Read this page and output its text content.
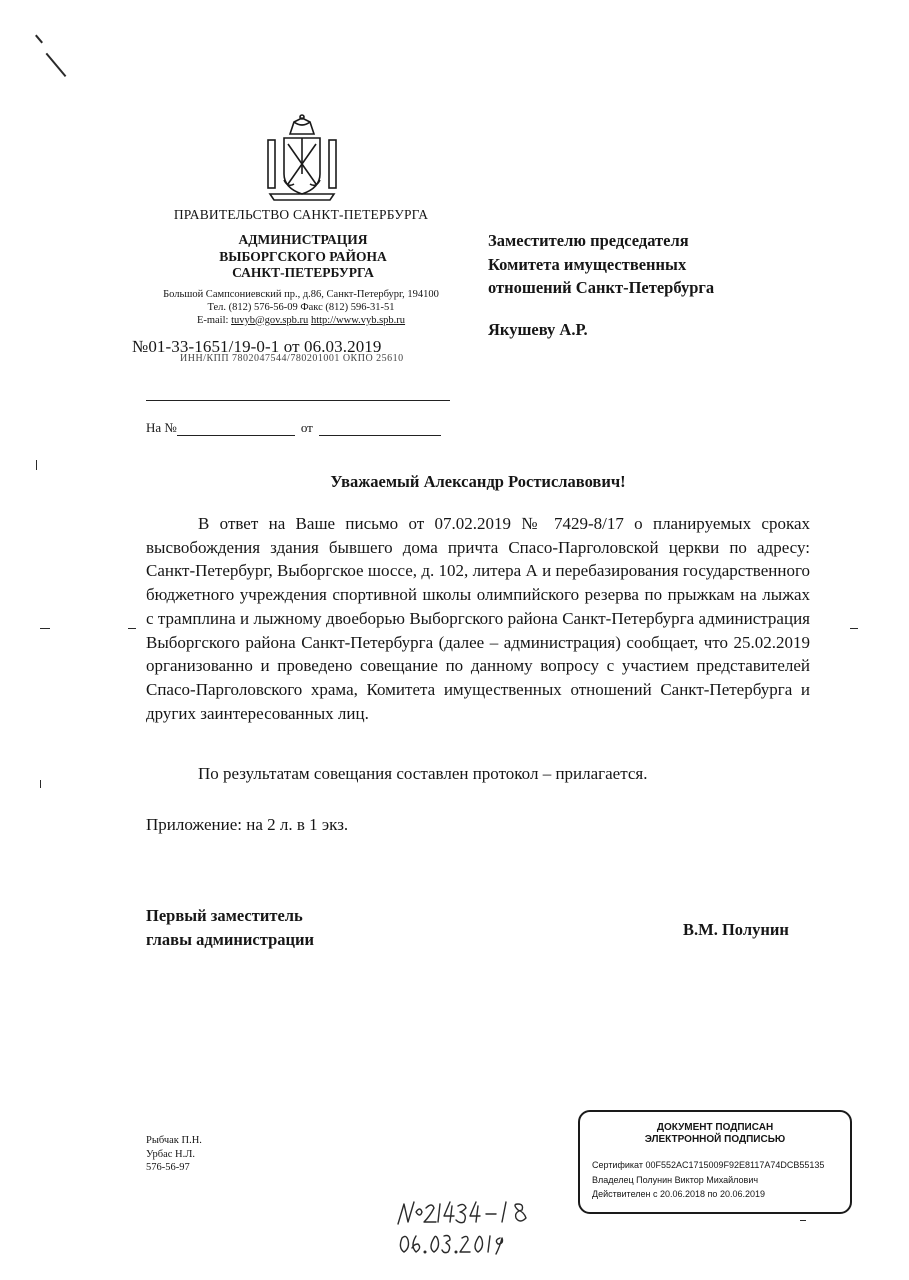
ПРАВИТЕЛЬСТВО САНКТ-ПЕТЕРБУРГА
АДМИНИСТРАЦИЯ
ВЫБОРГСКОГО РАЙОНА
САНКТ-ПЕТЕРБУРГА
Большой Сампсониевский пр., д.86, Санкт-Петербург, 194100
Тел. (812) 576-56-09 Факс (812) 596-31-51
E-mail: tuvyb@gov.spb.ru http://www.vyb.spb.ru
ИНН/КПП 7802047544/780201001 ОКПО 25610
№01-33-1651/19-0-1 от 06.03.2019
На №	от
Заместителю председателя
Комитета имущественных
отношений Санкт-Петербурга
Якушеву А.Р.
Уважаемый Александр Ростиславович!
В ответ на Ваше письмо от 07.02.2019 № 7429-8/17 о планируемых сроках высвобождения здания бывшего дома причта Спасо-Парголовской церкви по адресу: Санкт-Петербург, Выборгское шоссе, д. 102, литера А и перебазирования государственного бюджетного учреждения спортивной школы олимпийского резерва по прыжкам на лыжах с трамплина и лыжному двоеборью Выборгского района Санкт-Петербурга администрация Выборгского района Санкт-Петербурга (далее – администрация) сообщает, что 25.02.2019 организованно и проведено совещание по данному вопросу с участием представителей Спасо-Парголовского храма, Комитета имущественных отношений Санкт-Петербурга и других заинтересованных лиц.
По результатам совещания составлен протокол – прилагается.
Приложение: на 2 л. в 1 экз.
Первый заместитель
главы администрации	В.М. Полунин
Рыбчак П.Н.
Урбас Н.Л.
576-56-97
ДОКУМЕНТ ПОДПИСАН
ЭЛЕКТРОННОЙ ПОДПИСЬЮ
Сертификат 00F552AC1715009F92E8117A74DCB55135
Владелец Полунин Виктор Михайлович
Действителен с 20.06.2018 по 20.06.2019
